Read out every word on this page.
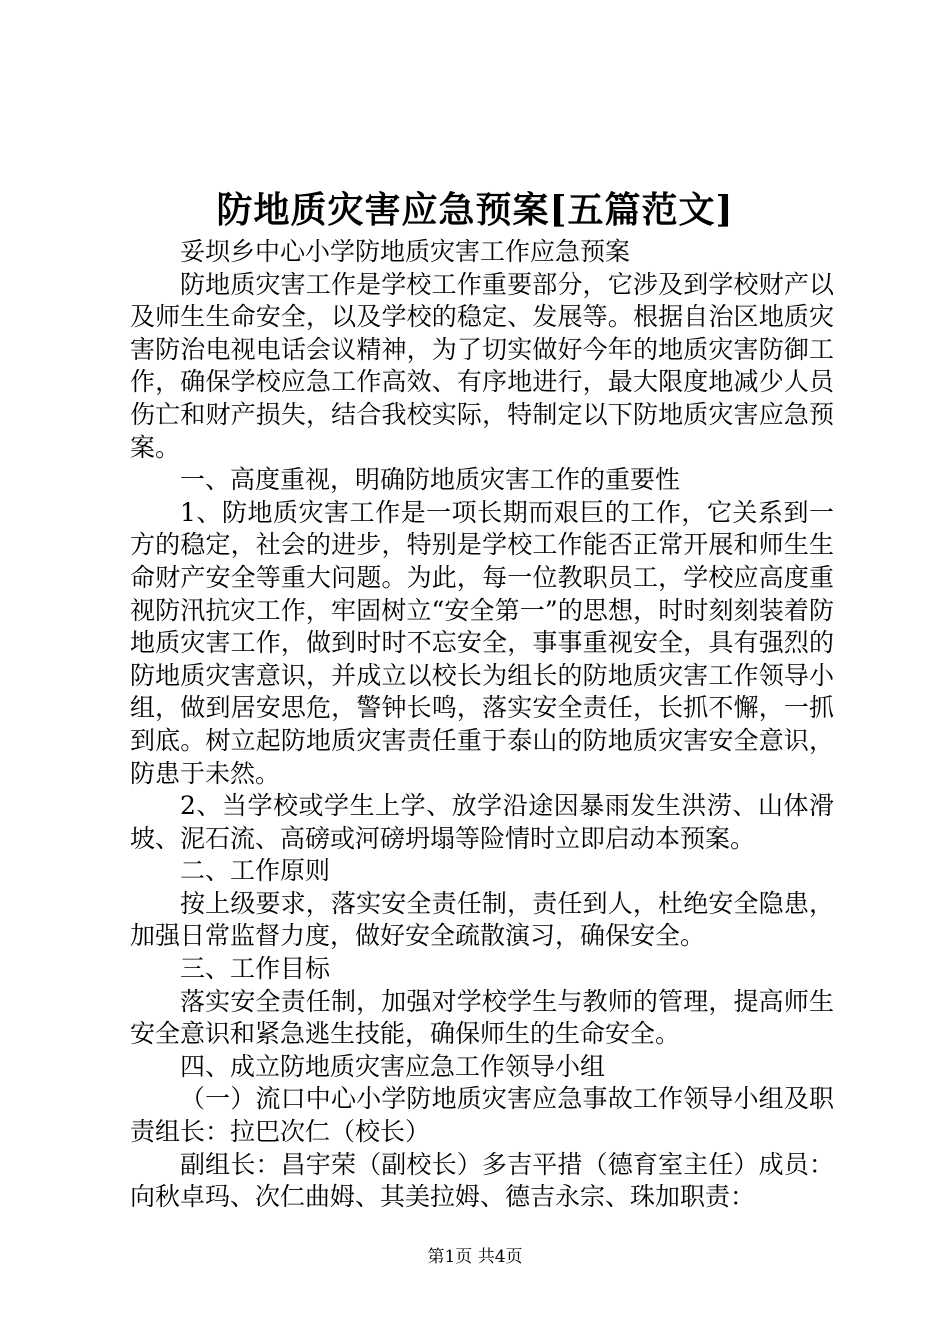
防地质灾害应急预案[五篇范文]

妥坝乡中心小学防地质灾害工作应急预案

防地质灾害工作是学校工作重要部分，它涉及到学校财产以及师生生命安全，以及学校的稳定、发展等。根据自治区地质灾害防治电视电话会议精神，为了切实做好今年的地质灾害防御工作，确保学校应急工作高效、有序地进行，最大限度地减少人员伤亡和财产损失，结合我校实际，特制定以下防地质灾害应急预案。

一、高度重视，明确防地质灾害工作的重要性

1、防地质灾害工作是一项长期而艰巨的工作，它关系到一方的稳定，社会的进步，特别是学校工作能否正常开展和师生生命财产安全等重大问题。为此，每一位教职员工，学校应高度重视防汛抗灾工作，牢固树立“安全第一”的思想，时时刻刻装着防地质灾害工作，做到时时不忘安全，事事重视安全，具有强烈的防地质灾害意识，并成立以校长为组长的防地质灾害工作领导小组，做到居安思危，警钟长鸣，落实安全责任，长抓不懈，一抓到底。树立起防地质灾害责任重于泰山的防地质灾害安全意识，防患于未然。

2、当学校或学生上学、放学沿途因暴雨发生洪涝、山体滑坡、泥石流、高磅或河磅坍塌等险情时立即启动本预案。

二、工作原则

按上级要求，落实安全责任制，责任到人，杜绝安全隐患，加强日常监督力度，做好安全疏散演习，确保安全。

三、工作目标

落实安全责任制，加强对学校学生与教师的管理，提高师生安全意识和紧急逃生技能，确保师生的生命安全。

四、成立防地质灾害应急工作领导小组

（一）流口中心小学防地质灾害应急事故工作领导小组及职责组长：拉巴次仁（校长）

副组长：昌宇荣（副校长）多吉平措（德育室主任）成员：向秋卓玛、次仁曲姆、其美拉姆、德吉永宗、珠加职责：

第1页 共4页
